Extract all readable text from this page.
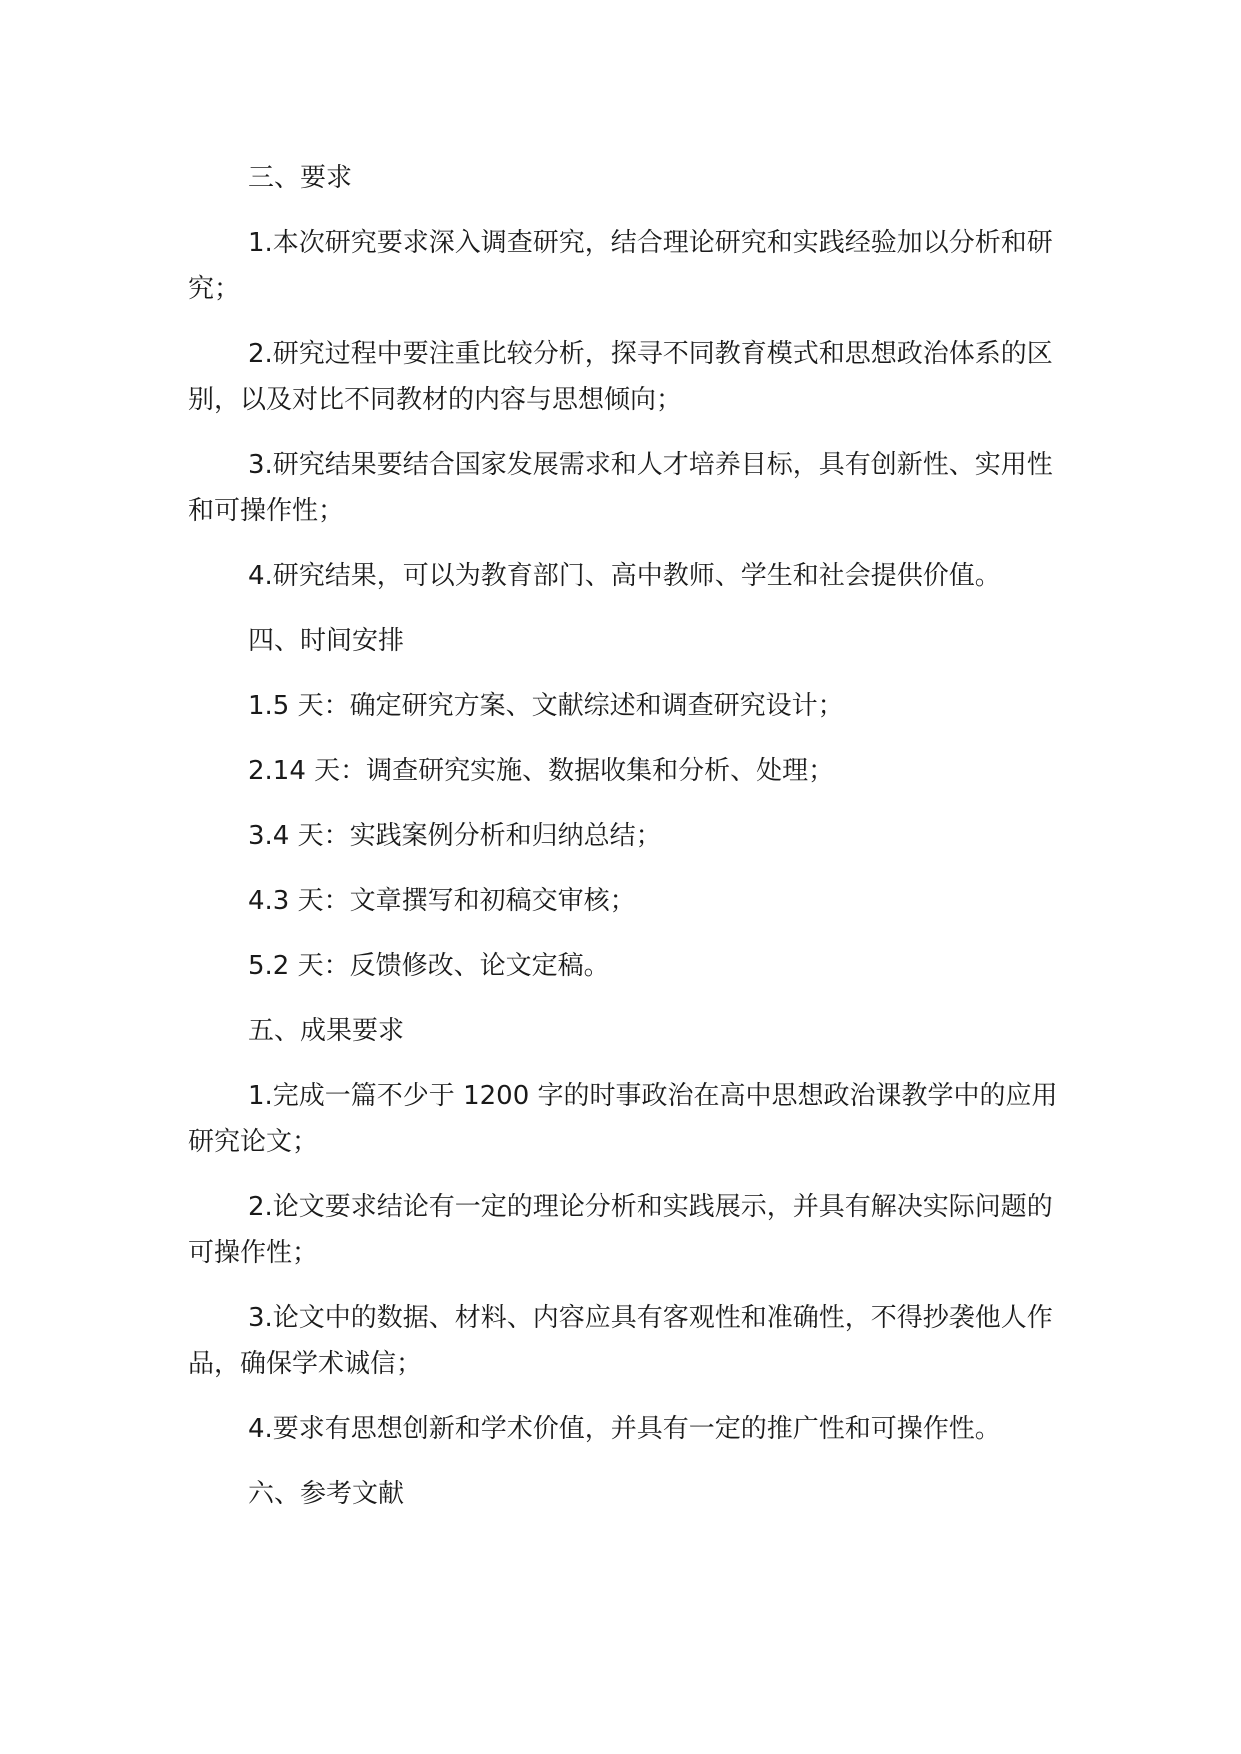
三、要求

1.本次研究要求深入调查研究，结合理论研究和实践经验加以分析和研究；

2.研究过程中要注重比较分析，探寻不同教育模式和思想政治体系的区别，以及对比不同教材的内容与思想倾向；

3.研究结果要结合国家发展需求和人才培养目标，具有创新性、实用性和可操作性；

4.研究结果，可以为教育部门、高中教师、学生和社会提供价值。

四、时间安排

1.5 天：确定研究方案、文献综述和调查研究设计；

2.14 天：调查研究实施、数据收集和分析、处理；

3.4 天：实践案例分析和归纳总结；

4.3 天：文章撰写和初稿交审核；

5.2 天：反馈修改、论文定稿。

五、成果要求

1.完成一篇不少于 1200 字的时事政治在高中思想政治课教学中的应用研究论文；

2.论文要求结论有一定的理论分析和实践展示，并具有解决实际问题的可操作性；

3.论文中的数据、材料、内容应具有客观性和准确性，不得抄袭他人作品，确保学术诚信；

4.要求有思想创新和学术价值，并具有一定的推广性和可操作性。

六、参考文献
